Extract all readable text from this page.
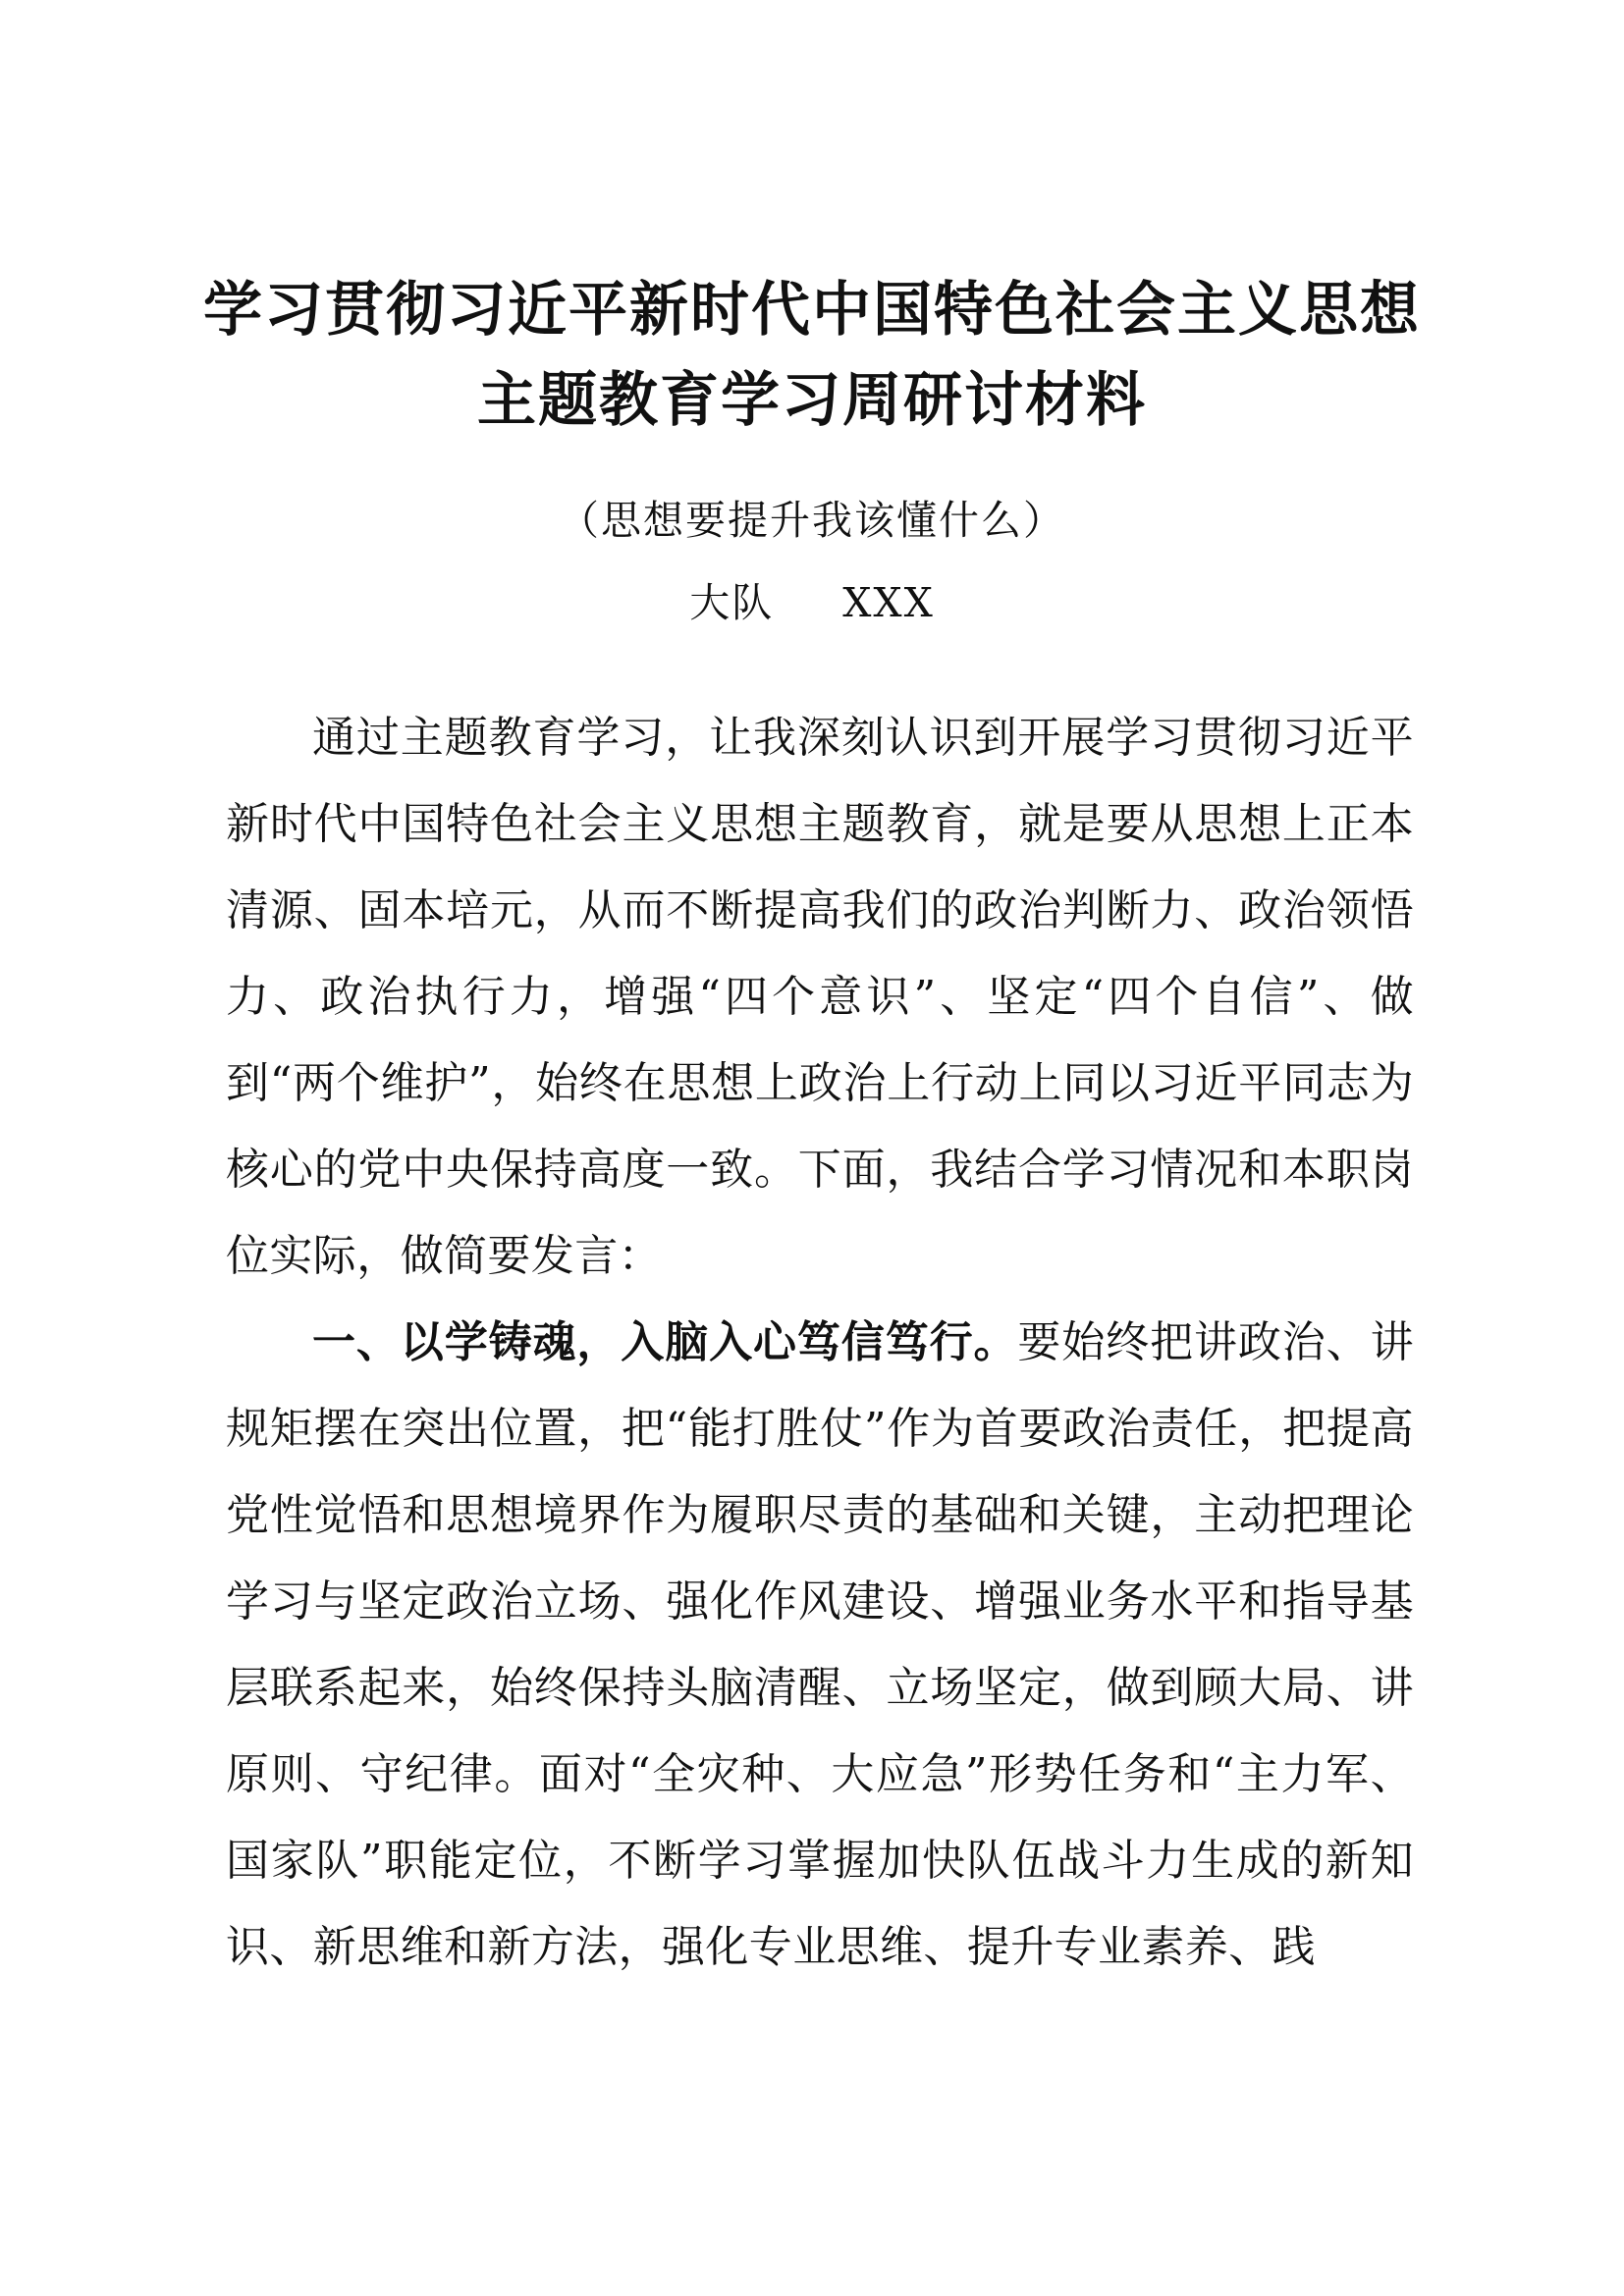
学习贯彻习近平新时代中国特色社会主义思想
主题教育学习周研讨材料
（思想要提升我该懂什么）
大队 XXX

通过主题教育学习，让我深刻认识到开展学习贯彻习近平新时代中国特色社会主义思想主题教育，就是要从思想上正本清源、固本培元，从而不断提高我们的政治判断力、政治领悟力、政治执行力，增强“四个意识”、坚定“四个自信”、做到“两个维护”，始终在思想上政治上行动上同以习近平同志为核心的党中央保持高度一致。下面，我结合学习情况和本职岗位实际，做简要发言：

一、以学铸魂，入脑入心笃信笃行。要始终把讲政治、讲规矩摆在突出位置，把“能打胜仗”作为首要政治责任，把提高党性觉悟和思想境界作为履职尽责的基础和关键，主动把理论学习与坚定政治立场、强化作风建设、增强业务水平和指导基层联系起来，始终保持头脑清醒、立场坚定，做到顾大局、讲原则、守纪律。面对“全灾种、大应急”形势任务和“主力军、国家队”职能定位，不断学习掌握加快队伍战斗力生成的新知识、新思维和新方法，强化专业思维、提升专业素养、践
